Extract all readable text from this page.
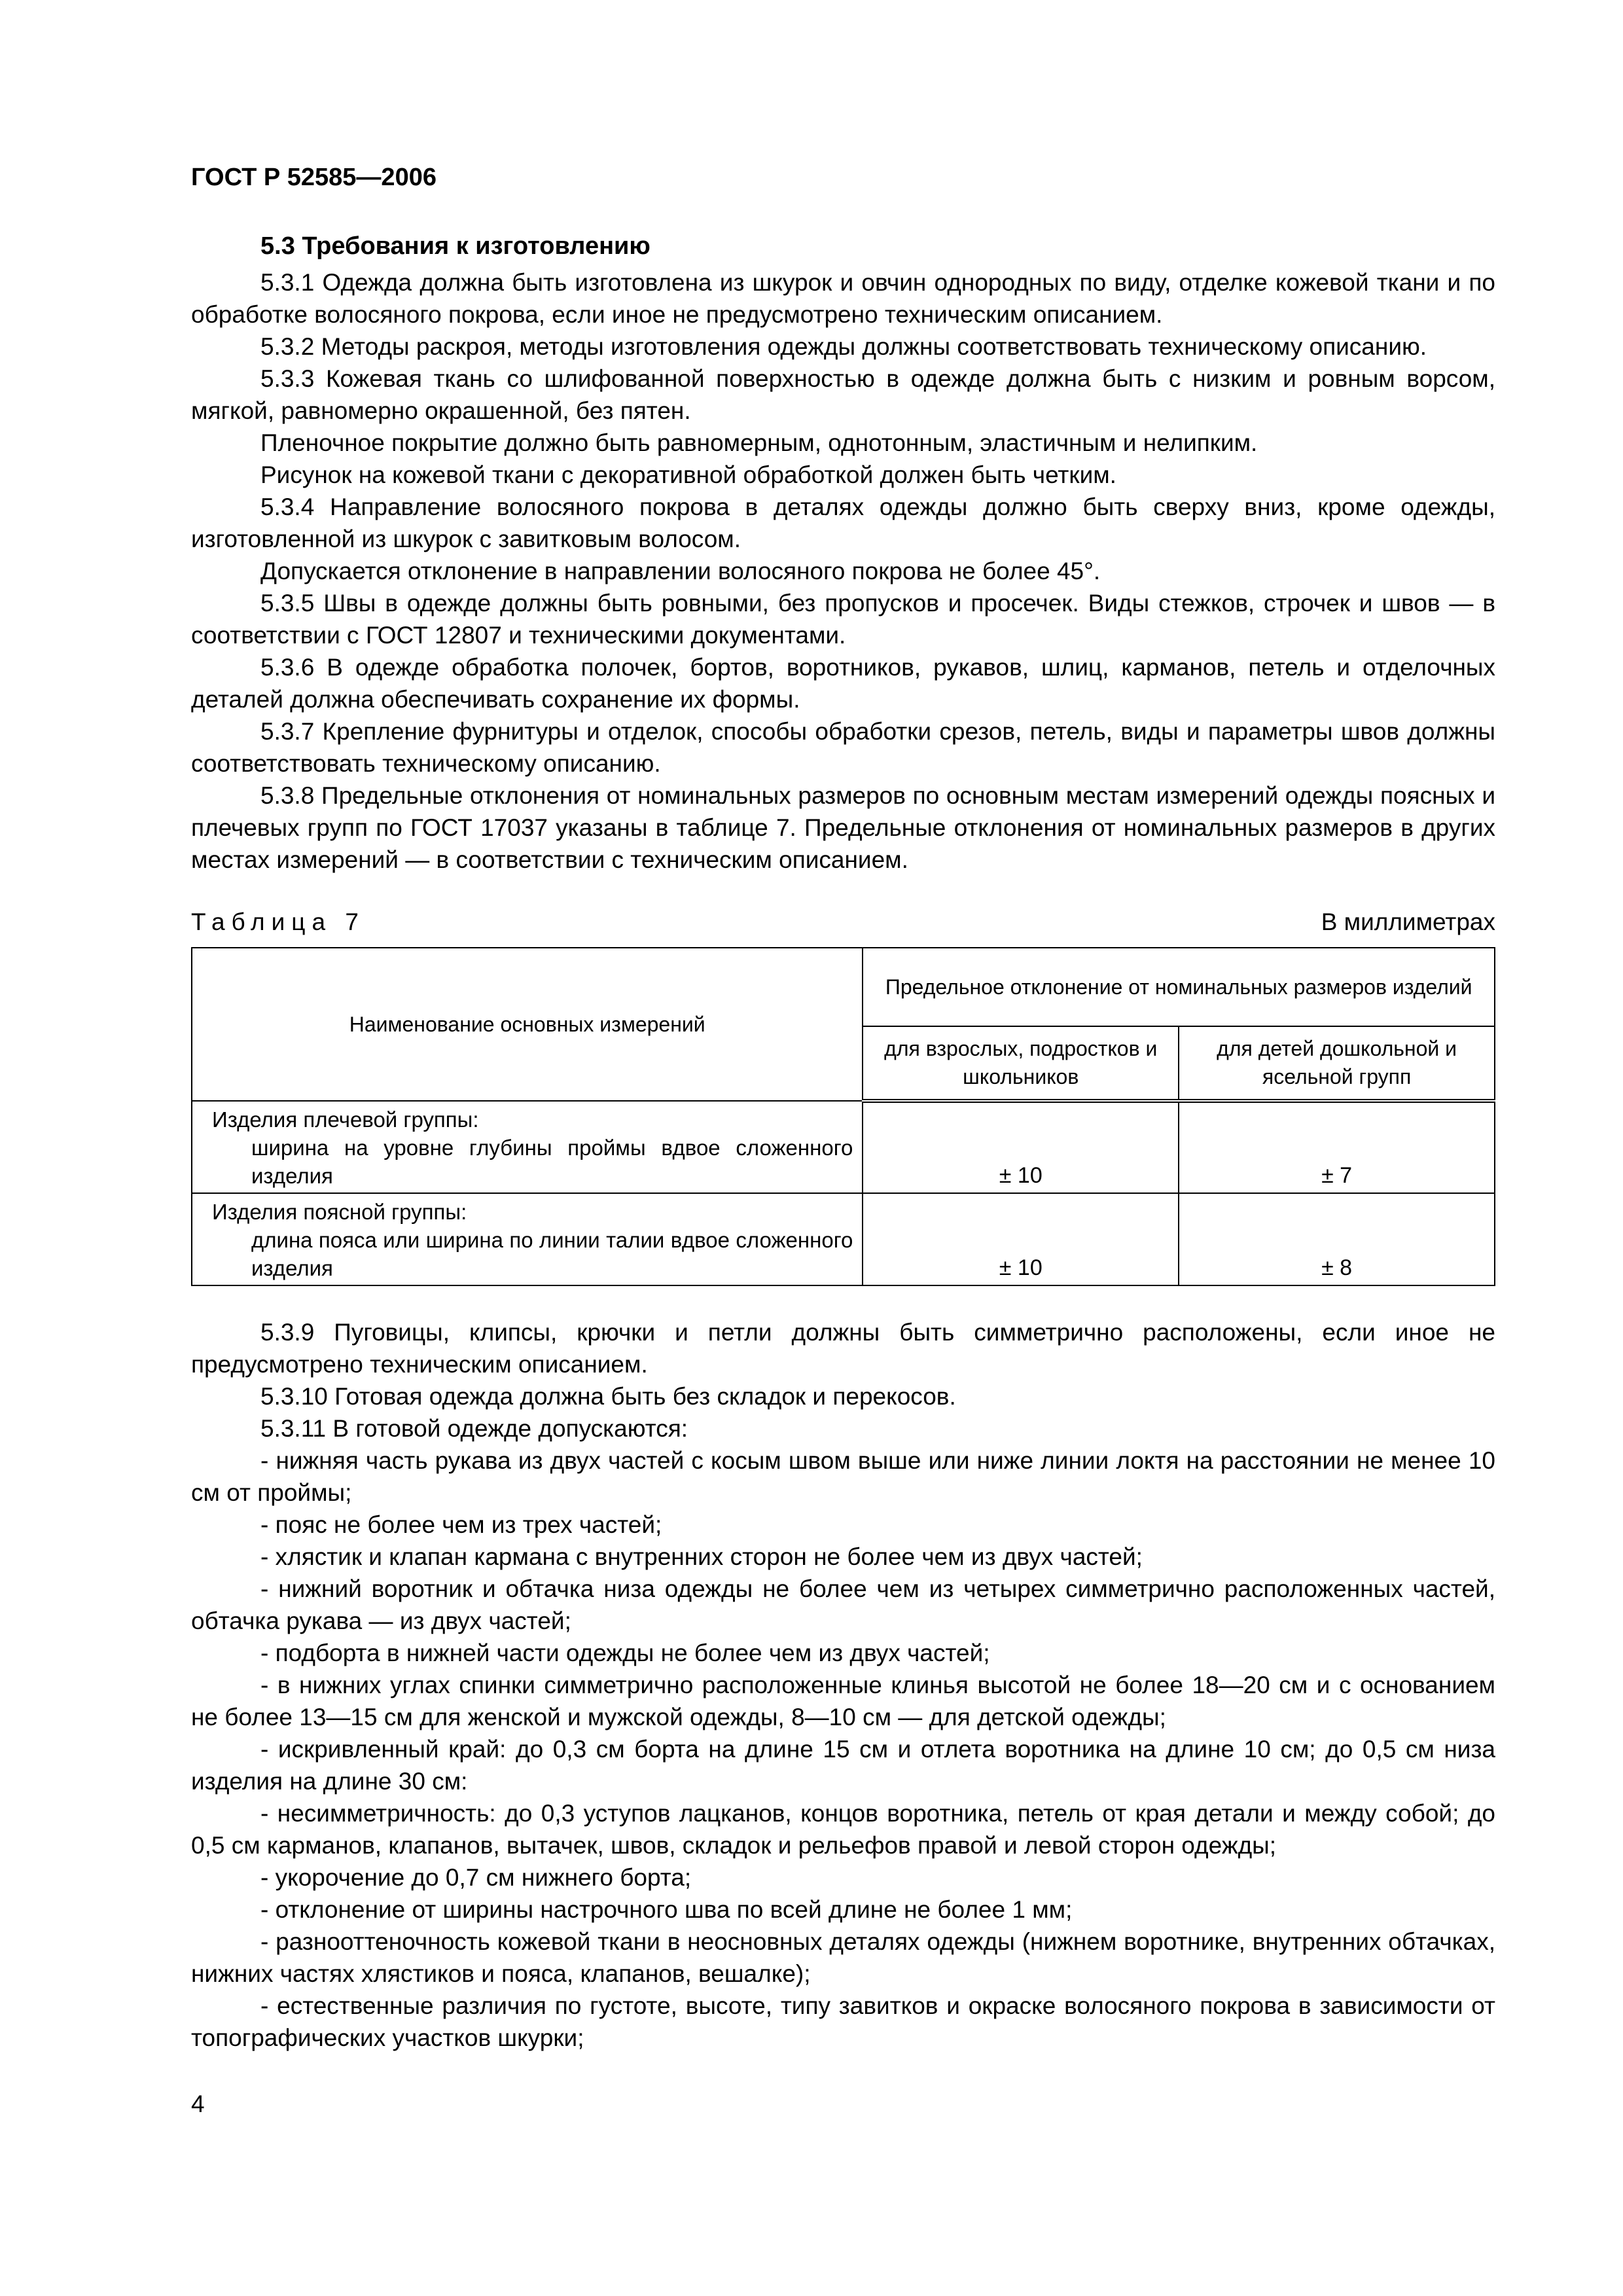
ГОСТ Р 52585—2006
5.3 Требования к изготовлению

5.3.1 Одежда должна быть изготовлена из шкурок и овчин однородных по виду, отделке кожевой ткани и по обработке волосяного покрова, если иное не предусмотрено техническим описанием.

5.3.2 Методы раскроя, методы изготовления одежды должны соответствовать техническому описанию.

5.3.3 Кожевая ткань со шлифованной поверхностью в одежде должна быть с низким и ровным ворсом, мягкой, равномерно окрашенной, без пятен.

Пленочное покрытие должно быть равномерным, однотонным, эластичным и нелипким.

Рисунок на кожевой ткани с декоративной обработкой должен быть четким.

5.3.4 Направление волосяного покрова в деталях одежды должно быть сверху вниз, кроме одежды, изготовленной из шкурок с завитковым волосом.

Допускается отклонение в направлении волосяного покрова не более 45°.

5.3.5 Швы в одежде должны быть ровными, без пропусков и просечек. Виды стежков, строчек и швов — в соответствии с ГОСТ 12807 и техническими документами.

5.3.6 В одежде обработка полочек, бортов, воротников, рукавов, шлиц, карманов, петель и отделочных деталей должна обеспечивать сохранение их формы.

5.3.7 Крепление фурнитуры и отделок, способы обработки срезов, петель, виды и параметры швов должны соответствовать техническому описанию.

5.3.8 Предельные отклонения от номинальных размеров по основным местам измерений одежды поясных и плечевых групп по ГОСТ 17037 указаны в таблице 7. Предельные отклонения от номинальных размеров в других местах измерений — в соответствии с техническим описанием.

Таблица 7	В миллиметрах
Наименование основных измерений	Предельное отклонение от номинальных размеров изделий	
	для взрослых, подростков и школьников	для детей дошкольной и ясельной групп

Изделия плечевой группы:
ширина на уровне глубины проймы вдвое сложенного изделия	± 10	± 7

Изделия поясной группы:
длина пояса или ширина по линии талии вдвое сложенного изделия	± 10	± 8

5.3.9 Пуговицы, клипсы, крючки и петли должны быть симметрично расположены, если иное не предусмотрено техническим описанием.

5.3.10 Готовая одежда должна быть без складок и перекосов.

5.3.11 В готовой одежде допускаются:

- нижняя часть рукава из двух частей с косым швом выше или ниже линии локтя на расстоянии не менее 10 см от проймы;

- пояс не более чем из трех частей;

- хлястик и клапан кармана с внутренних сторон не более чем из двух частей;

- нижний воротник и обтачка низа одежды не более чем из четырех симметрично расположенных частей, обтачка рукава — из двух частей;

- подборта в нижней части одежды не более чем из двух частей;

- в нижних углах спинки симметрично расположенные клинья высотой не более 18—20 см и с основанием не более 13—15 см для женской и мужской одежды, 8—10 см — для детской одежды;

- искривленный край: до 0,3 см борта на длине 15 см и отлета воротника на длине 10 см; до 0,5 см низа изделия на длине 30 см:

- несимметричность: до 0,3 уступов лацканов, концов воротника, петель от края детали и между собой; до 0,5 см карманов, клапанов, вытачек, швов, складок и рельефов правой и левой сторон одежды;

- укорочение до 0,7 см нижнего борта;

- отклонение от ширины настрочного шва по всей длине не более 1 мм;

- разнооттеночность кожевой ткани в неосновных деталях одежды (нижнем воротнике, внутренних обтачках, нижних частях хлястиков и пояса, клапанов, вешалке);

- естественные различия по густоте, высоте, типу завитков и окраске волосяного покрова в зависимости от топографических участков шкурки;

4
